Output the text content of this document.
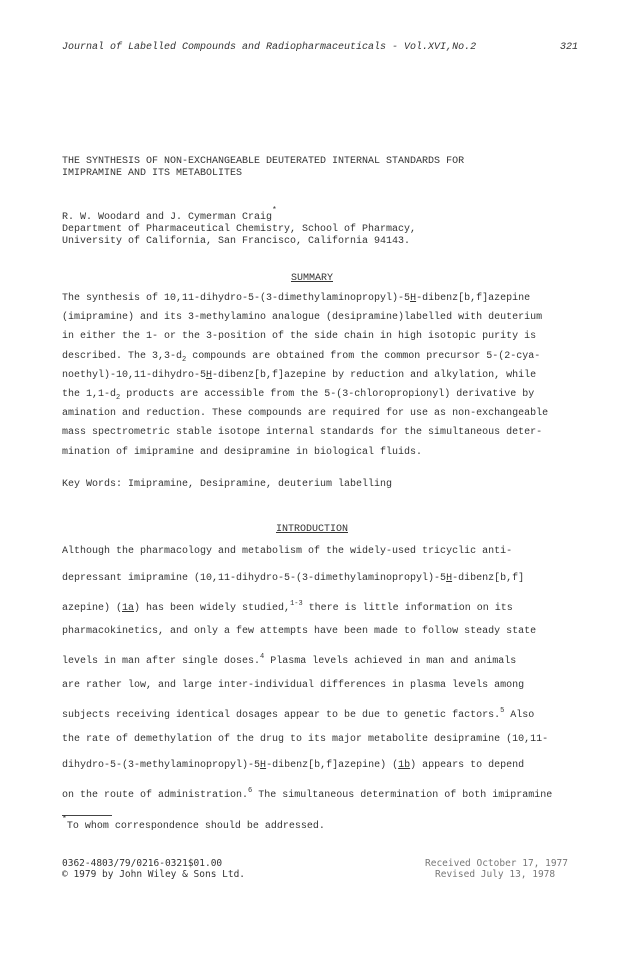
Journal of Labelled Compounds and Radiopharmaceuticals - Vol.XVI,No.2	321
THE SYNTHESIS OF NON-EXCHANGEABLE DEUTERATED INTERNAL STANDARDS FOR
IMIPRAMINE AND ITS METABOLITES
R. W. Woodard and J. Cymerman Craig*
Department of Pharmaceutical Chemistry, School of Pharmacy,
University of California, San Francisco, California 94143.
SUMMARY
The synthesis of 10,11-dihydro-5-(3-dimethylaminopropyl)-5H-dibenz[b,f]azepine
(imipramine) and its 3-methylamino analogue (desipramine)labelled with deuterium
in either the 1- or the 3-position of the side chain in high isotopic purity is
described. The $3,3-d_2$ compounds are obtained from the common precursor 5-(2-cya-
noethyl)-10,11-dihydro-5H-dibenz[b,f]azepine by reduction and alkylation, while
the $1,1-d_2$ products are accessible from the 5-(3-chloropropionyl) derivative by
amination and reduction. These compounds are required for use as non-exchangeable
mass spectrometric stable isotope internal standards for the simultaneous deter-
mination of imipramine and desipramine in biological fluids.
Key Words: Imipramine, Desipramine, deuterium labelling
INTRODUCTION
Although the pharmacology and metabolism of the widely-used tricyclic anti-
depressant imipramine (10,11-dihydro-5-(3-dimethylaminopropyl)-5H-dibenz[b,f]
azepine) (1a) has been widely studied,$^{1-3}$ there is little information on its
pharmacokinetics, and only a few attempts have been made to follow steady state
levels in man after single doses.$^4$ Plasma levels achieved in man and animals
are rather low, and large inter-individual differences in plasma levels among
subjects receiving identical dosages appear to be due to genetic factors.$^5$ Also
the rate of demethylation of the drug to its major metabolite desipramine (10,11-
dihydro-5-(3-methylaminopropyl)-5H-dibenz[b,f]azepine) (1b) appears to depend
on the route of administration.$^6$ The simultaneous determination of both imipramine
*To whom correspondence should be addressed.
0362-4803/79/0216-0321$01.00
© 1979 by John Wiley & Sons Ltd.
Received October 17, 1977
Revised July 13, 1978
